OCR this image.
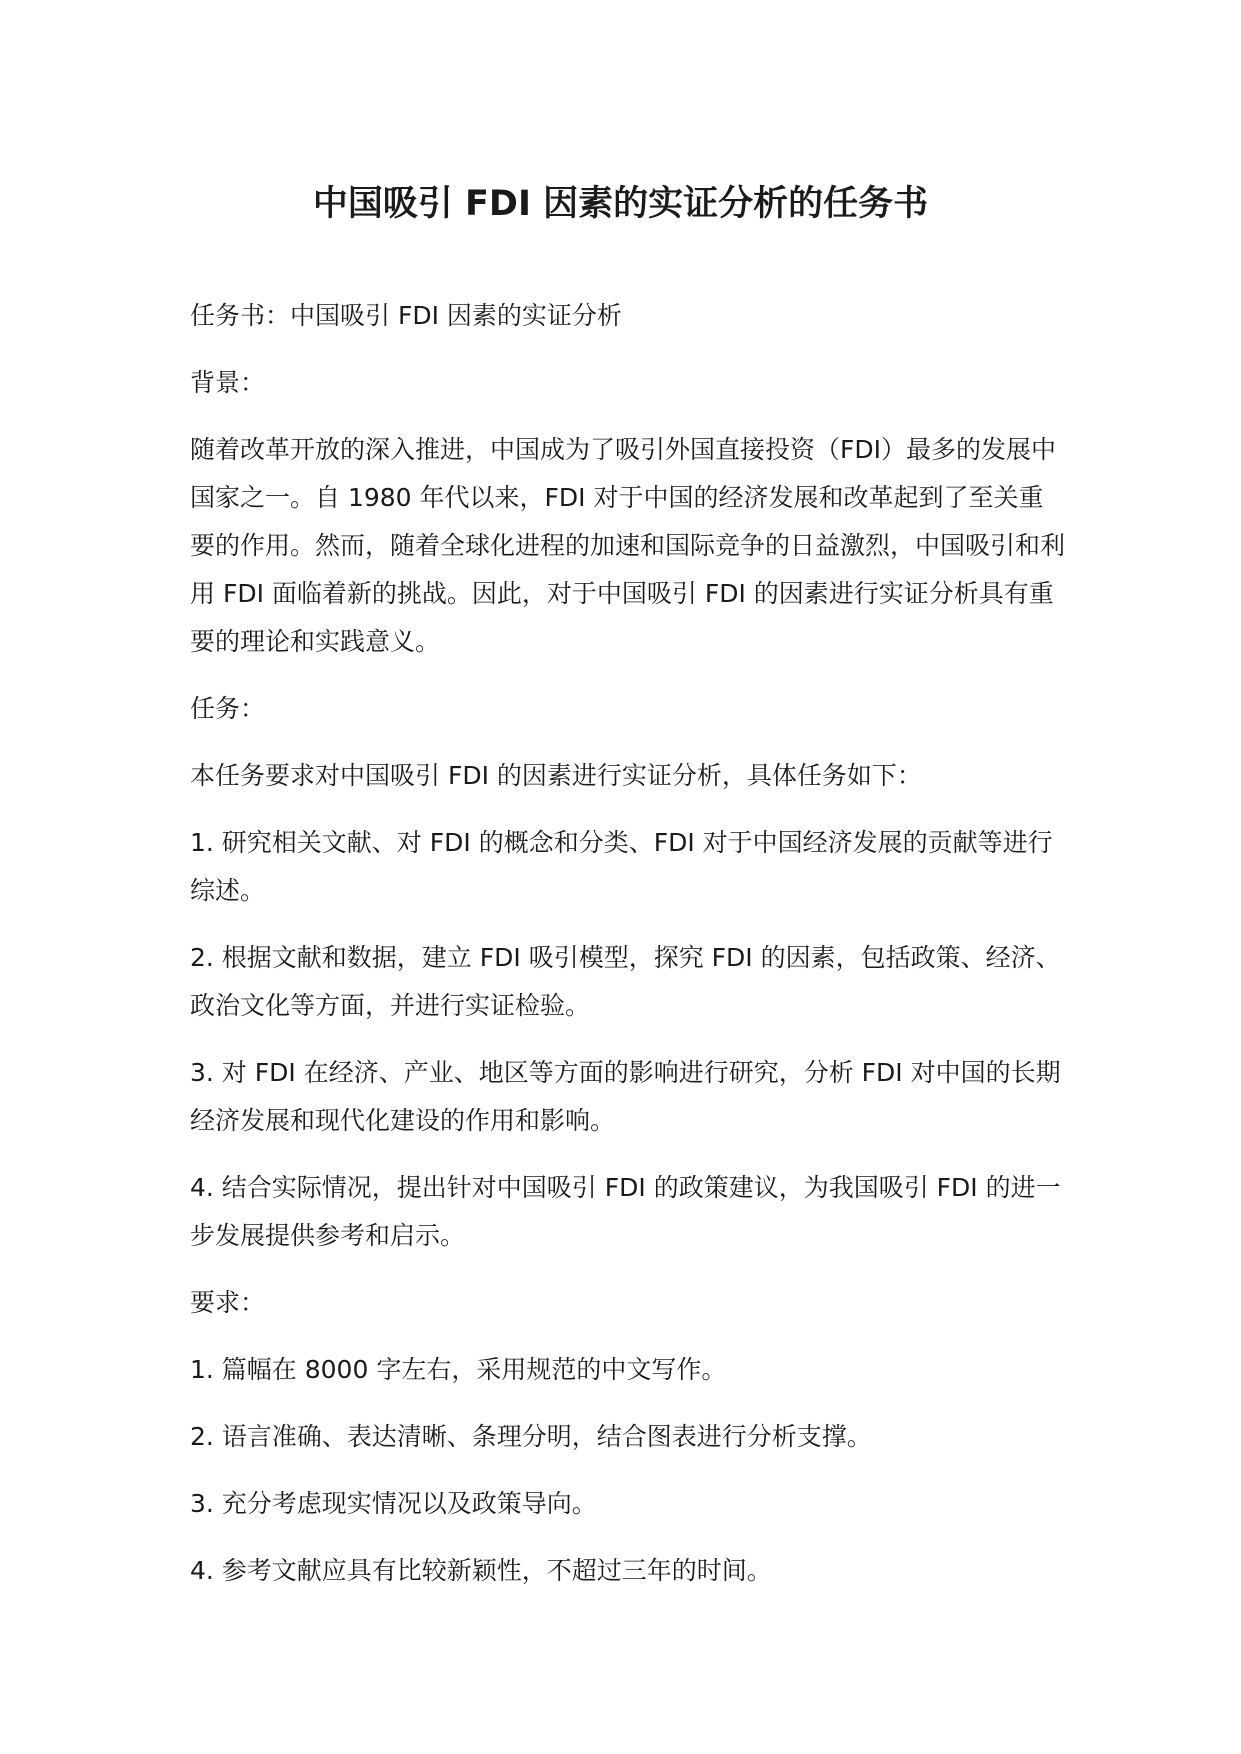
中国吸引 FDI 因素的实证分析的任务书

任务书：中国吸引 FDI 因素的实证分析

背景：

随着改革开放的深入推进，中国成为了吸引外国直接投资（FDI）最多的发展中国家之一。自 1980 年代以来，FDI 对于中国的经济发展和改革起到了至关重要的作用。然而，随着全球化进程的加速和国际竞争的日益激烈，中国吸引和利用 FDI 面临着新的挑战。因此，对于中国吸引 FDI 的因素进行实证分析具有重要的理论和实践意义。

任务：

本任务要求对中国吸引 FDI 的因素进行实证分析，具体任务如下：

1. 研究相关文献、对 FDI 的概念和分类、FDI 对于中国经济发展的贡献等进行综述。

2. 根据文献和数据，建立 FDI 吸引模型，探究 FDI 的因素，包括政策、经济、政治文化等方面，并进行实证检验。

3. 对 FDI 在经济、产业、地区等方面的影响进行研究，分析 FDI 对中国的长期经济发展和现代化建设的作用和影响。

4. 结合实际情况，提出针对中国吸引 FDI 的政策建议，为我国吸引 FDI 的进一步发展提供参考和启示。

要求：

1. 篇幅在 8000 字左右，采用规范的中文写作。

2. 语言准确、表达清晰、条理分明，结合图表进行分析支撑。

3. 充分考虑现实情况以及政策导向。

4. 参考文献应具有比较新颖性，不超过三年的时间。
